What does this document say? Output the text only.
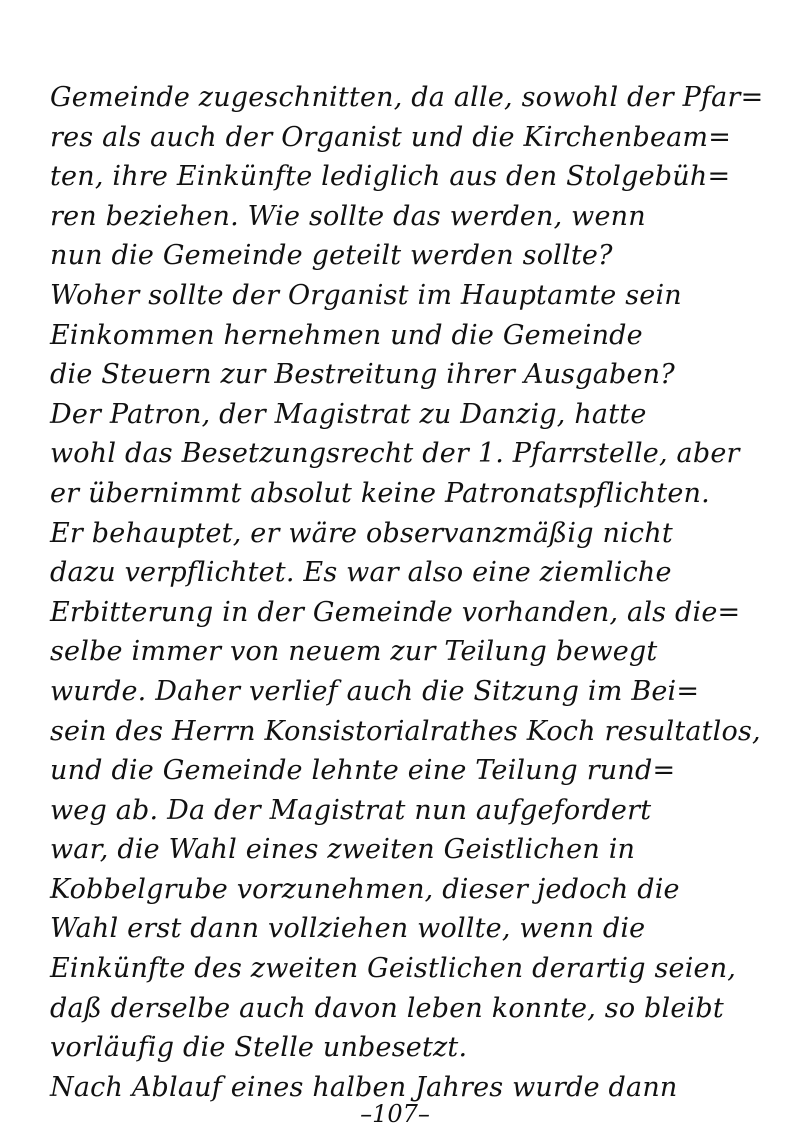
Gemeinde zugeschnitten, da alle, sowohl der Pfar=
res als auch der Organist und die Kirchenbeam=
ten, ihre Einkünfte lediglich aus den Stolgebüh=
ren beziehen. Wie sollte das werden, wenn
nun die Gemeinde geteilt werden sollte?
Woher sollte der Organist im Hauptamte sein
Einkommen hernehmen und die Gemeinde
die Steuern zur Bestreitung ihrer Ausgaben?
Der Patron, der Magistrat zu Danzig, hatte
wohl das Besetzungsrecht der 1. Pfarrstelle, aber
er übernimmt absolut keine Patronatspflichten.
Er behauptet, er wäre observanzmäßig nicht
dazu verpflichtet. Es war also eine ziemliche
Erbitterung in der Gemeinde vorhanden, als die=
selbe immer von neuem zur Teilung bewegt
wurde. Daher verlief auch die Sitzung im Bei=
sein des Herrn Konsistorialrathes Koch resultatlos,
und die Gemeinde lehnte eine Teilung rund=
weg ab. Da der Magistrat nun aufgefordert
war, die Wahl eines zweiten Geistlichen in
Kobbelgrube vorzunehmen, dieser jedoch die
Wahl erst dann vollziehen wollte, wenn die
Einkünfte des zweiten Geistlichen derartig seien,
daß derselbe auch davon leben konnte, so bleibt
vorläufig die Stelle unbesetzt.
Nach Ablauf eines halben Jahres wurde dann
–107–
